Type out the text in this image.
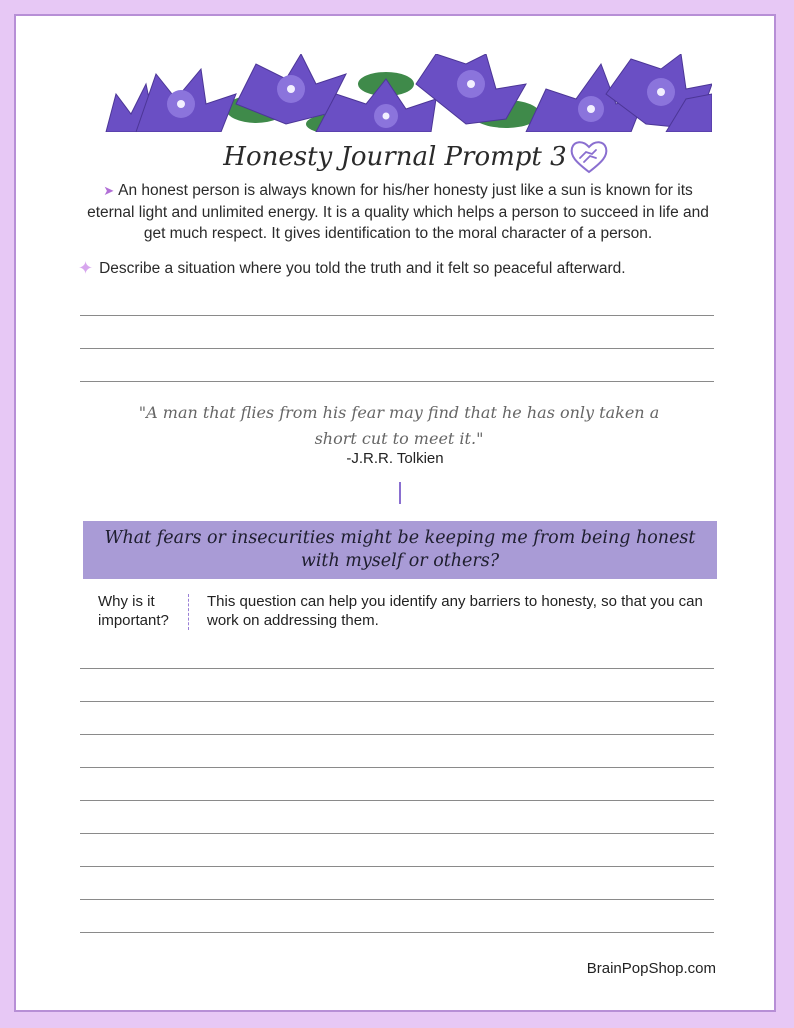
Honesty Journal Prompt 3
➤ An honest person is always known for his/her honesty just like a sun is known for its eternal light and unlimited energy. It is a quality which helps a person to succeed in life and get much respect. It gives identification to the moral character of a person.
✦ Describe a situation where you told the truth and it felt so peaceful afterward.
"A man that flies from his fear may find that he has only taken a short cut to meet it."
-J.R.R. Tolkien
What fears or insecurities might be keeping me from being honest with myself or others?
Why is it important?
This question can help you identify any barriers to honesty, so that you can work on addressing them.
BrainPopShop.com
